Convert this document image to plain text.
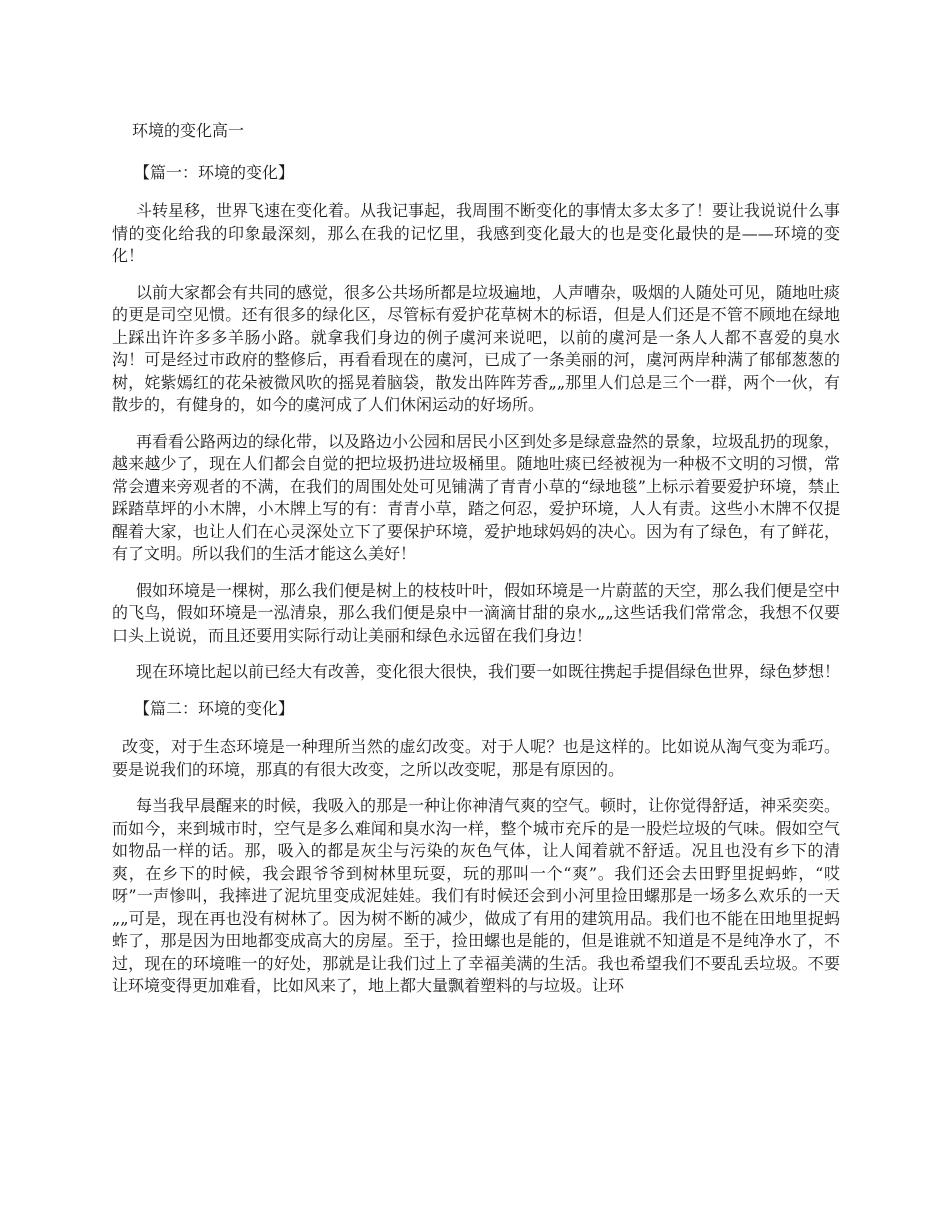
环境的变化高一

【篇一：环境的变化】

斗转星移，世界飞速在变化着。从我记事起，我周围不断变化的事情太多太多了！要让我说说什么事情的变化给我的印象最深刻，那么在我的记忆里，我感到变化最大的也是变化最快的是——环境的变化！

以前大家都会有共同的感觉，很多公共场所都是垃圾遍地，人声嘈杂，吸烟的人随处可见，随地吐痰的更是司空见惯。还有很多的绿化区，尽管标有爱护花草树木的标语，但是人们还是不管不顾地在绿地上踩出许许多多羊肠小路。就拿我们身边的例子虞河来说吧，以前的虞河是一条人人都不喜爱的臭水沟！可是经过市政府的整修后，再看看现在的虞河，已成了一条美丽的河，虞河两岸种满了郁郁葱葱的树，姹紫嫣红的花朵被微风吹的摇晃着脑袋，散发出阵阵芳香„„那里人们总是三个一群，两个一伙，有散步的，有健身的，如今的虞河成了人们休闲运动的好场所。

再看看公路两边的绿化带，以及路边小公园和居民小区到处多是绿意盎然的景象，垃圾乱扔的现象，越来越少了，现在人们都会自觉的把垃圾扔进垃圾桶里。随地吐痰已经被视为一种极不文明的习惯，常常会遭来旁观者的不满，在我们的周围处处可见铺满了青青小草的“绿地毯”上标示着要爱护环境，禁止踩踏草坪的小木牌，小木牌上写的有：青青小草，踏之何忍，爱护环境，人人有责。这些小木牌不仅提醒着大家，也让人们在心灵深处立下了要保护环境，爱护地球妈妈的决心。因为有了绿色，有了鲜花，有了文明。所以我们的生活才能这么美好！

假如环境是一棵树，那么我们便是树上的枝枝叶叶，假如环境是一片蔚蓝的天空，那么我们便是空中的飞鸟，假如环境是一泓清泉，那么我们便是泉中一滴滴甘甜的泉水„„这些话我们常常念，我想不仅要口头上说说，而且还要用实际行动让美丽和绿色永远留在我们身边！

现在环境比起以前已经大有改善，变化很大很快，我们要一如既往携起手提倡绿色世界，绿色梦想！

【篇二：环境的变化】

改变，对于生态环境是一种理所当然的虚幻改变。对于人呢？也是这样的。比如说从淘气变为乖巧。要是说我们的环境，那真的有很大改变，之所以改变呢，那是有原因的。

每当我早晨醒来的时候，我吸入的那是一种让你神清气爽的空气。顿时，让你觉得舒适，神采奕奕。而如今，来到城市时，空气是多么难闻和臭水沟一样，整个城市充斥的是一股烂垃圾的气味。假如空气如物品一样的话。那，吸入的都是灰尘与污染的灰色气体，让人闻着就不舒适。况且也没有乡下的清爽，在乡下的时候，我会跟爷爷到树林里玩耍，玩的那叫一个“爽”。我们还会去田野里捉蚂蚱，“哎呀”一声惨叫，我摔进了泥坑里变成泥娃娃。我们有时候还会到小河里捡田螺那是一场多么欢乐的一天„„可是，现在再也没有树林了。因为树不断的减少，做成了有用的建筑用品。我们也不能在田地里捉蚂蚱了，那是因为田地都变成高大的房屋。至于，捡田螺也是能的，但是谁就不知道是不是纯净水了，不过，现在的环境唯一的好处，那就是让我们过上了幸福美满的生活。我也希望我们不要乱丢垃圾。不要让环境变得更加难看，比如风来了，地上都大量飘着塑料的与垃圾。让环
